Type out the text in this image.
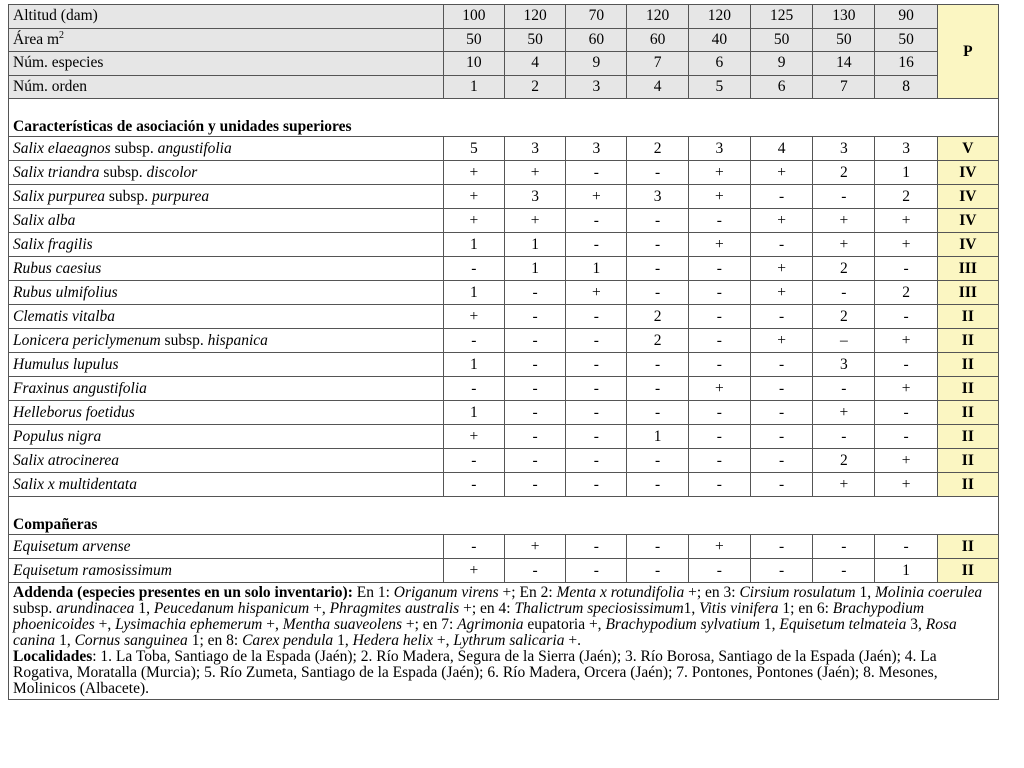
Altitud (dam)	100	120	70	120	120	125	130	90	P
Área $m^2$	50	50	60	60	40	50	50	50	
Núm. especies	10	4	9	7	6	9	14	16	
Núm. orden	1	2	3	4	5	6	7	8	

Características de asociación y unidades superiores									
Salix elaeagnos subsp. angustifolia	5	3	3	2	3	4	3	3	V
Salix triandra subsp. discolor	+	+	-	-	+	+	2	1	IV
Salix purpurea subsp. purpurea	+	3	+	3	+	-	-	2	IV
Salix alba	+	+	-	-	-	+	+	+	IV
Salix fragilis	1	1	-	-	+	-	+	+	IV
Rubus caesius	-	1	1	-	-	+	2	-	III
Rubus ulmifolius	1	-	+	-	-	+	-	2	III
Clematis vitalba	+	-	-	2	-	-	2	-	II
Lonicera periclymenum subsp. hispanica	-	-	-	2	-	+	–	+	II
Humulus lupulus	1	-	-	-	-	-	3	-	II
Fraxinus angustifolia	-	-	-	-	+	-	-	+	II
Helleborus foetidus	1	-	-	-	-	-	+	-	II
Populus nigra	+	-	-	1	-	-	-	-	II
Salix atrocinerea	-	-	-	-	-	-	2	+	II
Salix x multidentata	-	-	-	-	-	-	+	+	II

Compañeras									
Equisetum arvense	-	+	-	-	+	-	-	-	II
Equisetum ramosissimum	+	-	-	-	-	-	-	1	II
Addenda (especies presentes en un solo inventario): En 1: Origanum virens +; En 2: Menta x rotundifolia +; en 3: Cirsium rosulatum 1, Molinia coerulea subsp. arundinacea 1, Peucedanum hispanicum +, Phragmites australis +; en 4: Thalictrum speciosissimum1, Vitis vinifera 1; en 6: Brachypodium phoenicoides +, Lysimachia ephemerum +, Mentha suaveolens +; en 7: Agrimonia eupatoria +, Brachypodium sylvatium 1, Equisetum telmateia 3, Rosa canina 1, Cornus sanguinea 1; en 8: Carex pendula 1, Hedera helix +, Lythrum salicaria +.
Localidades: 1. La Toba, Santiago de la Espada (Jaén); 2. Río Madera, Segura de la Sierra (Jaén); 3. Río Borosa, Santiago de la Espada (Jaén); 4. La Rogativa, Moratalla (Murcia); 5. Río Zumeta, Santiago de la Espada (Jaén); 6. Río Madera, Orcera (Jaén); 7. Pontones, Pontones (Jaén); 8. Mesones, Molinicos (Albacete).
